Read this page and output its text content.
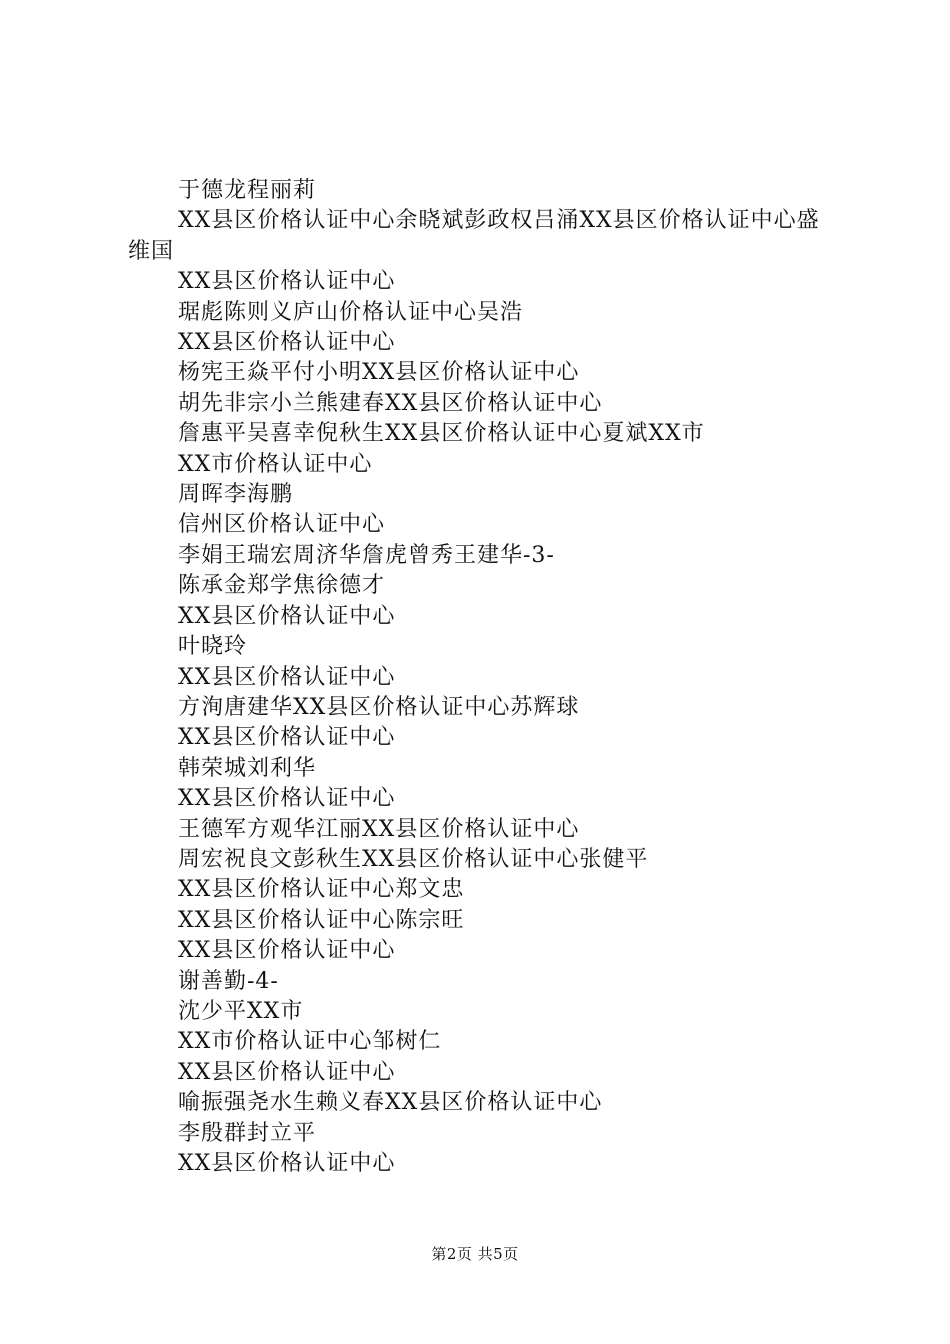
于德龙程丽莉

XX县区价格认证中心余晓斌彭政权吕涌XX县区价格认证中心盛维国

XX县区价格认证中心

琚彪陈则义庐山价格认证中心吴浩

XX县区价格认证中心

杨宪王焱平付小明XX县区价格认证中心

胡先非宗小兰熊建春XX县区价格认证中心

詹惠平吴喜幸倪秋生XX县区价格认证中心夏斌XX市

XX市价格认证中心

周晖李海鹏

信州区价格认证中心

李娟王瑞宏周济华詹虎曾秀王建华-3-

陈承金郑学焦徐德才

XX县区价格认证中心

叶晓玲

XX县区价格认证中心

方洵唐建华XX县区价格认证中心苏辉球

XX县区价格认证中心

韩荣城刘利华

XX县区价格认证中心

王德军方观华江丽XX县区价格认证中心

周宏祝良文彭秋生XX县区价格认证中心张健平

XX县区价格认证中心郑文忠

XX县区价格认证中心陈宗旺

XX县区价格认证中心

谢善勤-4-

沈少平XX市

XX市价格认证中心邹树仁

XX县区价格认证中心

喻振强尧水生赖义春XX县区价格认证中心

李殷群封立平

XX县区价格认证中心

第2页 共5页
